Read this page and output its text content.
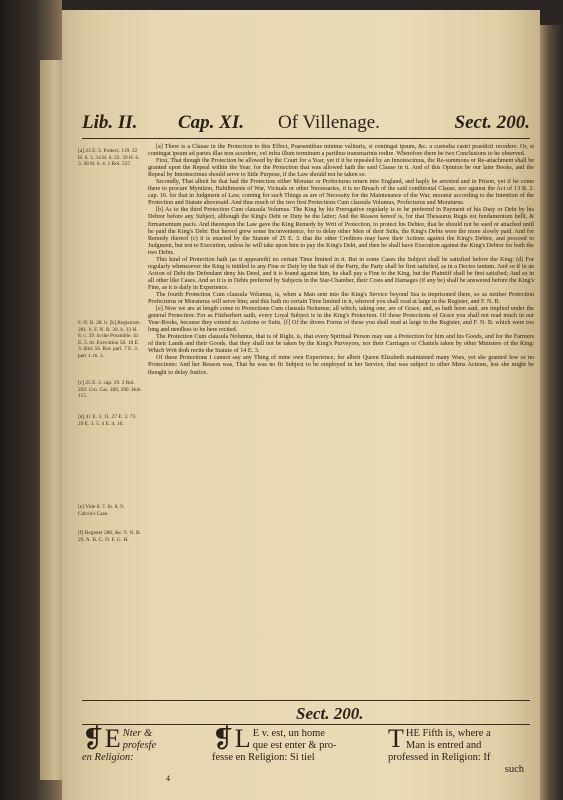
Lib. II. Cap. XI. Of Villenage.	Sect. 200.
[a] 23 E. 3. Protect. 119. 22 H. 6. 3. 34 H. 6. 22. 39 H. 6. 3. 38 H. 6. 4. 1 Rol. 537.
F. N. B. 28. b. [b] Registrum 281. b. F. N. B. 28. b. 33 H. 8. c. 39. in the Preamble. 41 E. 3. tit. Execution 58. 18 E. 3. ibid. 56. Rot. parl. 7 E. 3. part 1. m. 2.
[c] 25 E. 3. cap. 19. 2 Rol. 203. Cro. Car. 389, 390. Hob. 115.
[d] 41 E. 3. 11. 27 E. 3. 73. 29 E. 3. 5. 4 E. 4. 16.
[e] Vide 8. 7. fo. 8, 9. Calvin's Case.
[f] Register 280, &c. F. N. B. 29. A. B. C. D. F. G. H.

[a] There is a Clause in the Protection to this Effect, Praesentibus minime valituris, si contingat ipsum, &c. a custodia castri praedicti recedere. Or, si contingat ipsum ad partes illas non accedere, vel infra illum terminum a partibus transmarinis redire. Wherefore there be two Conclusions to be observed.

First, That though the Protection be allowed by the Court for a Year, yet if it be repealed by an Innotescimus, the Re-summons or Re-attachment shall be granted upon the Repeal within the Year, for the Protection that was allowed hath the said Clause in it. And of this Opinion be our later Books, and the Repeal by Innotescimus should serve to little Purpose, if the Law should not be taken so.

Secondly, That albeit he that had the Protection either Moratur or Profecturus return into England, and haply be arrested and in Prison, yet if he come there to procure Mynition, Habiliments of War, Victuals or other Necessaries, it is no Breach of the said conditional Clause, nor against the Act of 13 R. 2. cap. 16. for that in Judgment of Law, coming for such Things as are of Necessity for the Maintenance of the War, moratur according to the Intention of the Protection and Statute abovesaid. And thus much of the two first Protections Cum clausula Volumus, Profecturus and Moraturus.

[b] As to the third Protection Cum clausula Volumus. The King by his Prerogative regularly is to be preferred in Payment of his Duty or Debt by his Debtor before any Subject, although the King's Debt or Duty be the latter; And the Reason hereof is, for that Thesaurus Regis est fundamentum belli, & firmamentum pacis. And thereupon the Law gave the King Remedy by Writ of Protection, to protect his Debtor, that he should not be sued or attached until he paid the King's Debt: But hereof grew some Inconvenience, for to delay other Men of their Suits, the King's Debts were the more slowly paid. And for Remedy thereof (c) it is enacted by the Statute of 25 E. 3. that the other Creditors may have their Actions against the King's Debtor, and proceed to Judgment, but not to Execution, unless he will take upon him to pay the King's Debt, and then he shall have Execution against the King's Debtor for both the two Debts.

This kind of Protection hath (as it appeareth) no certain Time limited in it. But in some Cases the Subject shall be satisfied before the King: (d) For regularly whensoever the King is intitled to any Fine or Duty by the Suit of the Party, the Party shall be first satisfied, as in a Decies tantum. And so if in an Action of Debt the Defendant deny his Deed, and it is found against him, he shall pay a Fine to the King, but the Plaintiff shall be first satisfied; And so in all other like Cases. And so it is in Debts preferred by Subjects in the Star-Chamber, their Costs and Damages (if any be) shall be answered before the King's Fine, as it is daily in Experience.

The fourth Protection Cum clausula Volumus, is, when a Man sent into the King's Service beyond Sea is imprisoned there, so as neither Protection Profecturus or Moraturus will serve him; and this hath no certain Time limited in it, whereof you shall read at large in the Register, and F. N. B.

[e] Now we are at length come to Protections Cum clausula Nolumus; all which, taking one, are of Grace, and, as hath been said, are implied under the general Protection: For as Fitzherbert saith, every Loyal Subject is in the King's Protection. Of these Protections of Grace you shall not read much in our Year-Books, because they extend no Actions or Suits. [f] Of the divers Forms of these you shall read at large in the Register, and F. N. B. which were too long and needless to be here recited.

The Protection Cum clausula Nolumus, that is of Right, is, that every Spiritual Person may sue a Protection for him and his Goods, and for the Farmers of their Lands and their Goods, that they shall not be taken by the King's Purveyors, nor their Carriages or Chattels taken by other Ministers of the King: Which Writ doth recite the Statute of 14 E. 3.

Of these Protections I cannot say any Thing of mine own Experience; for albeit Queen Elizabeth maintained many Wars, yet she granted few or no Protections: And her Reason was, That he was no fit Subject to be employed in her Service, that was subject to other Mens Actions, lest she might be thought to delay Justice.

Sect. 200.
❡ E Nter &
profesfe
en Religion:
❡ L E v. est, un home
que est enter & pro-
fesse en Religion: Si tiel
T HE Fifth is, where a
Man is entred and
professed in Religion: If
such
4
